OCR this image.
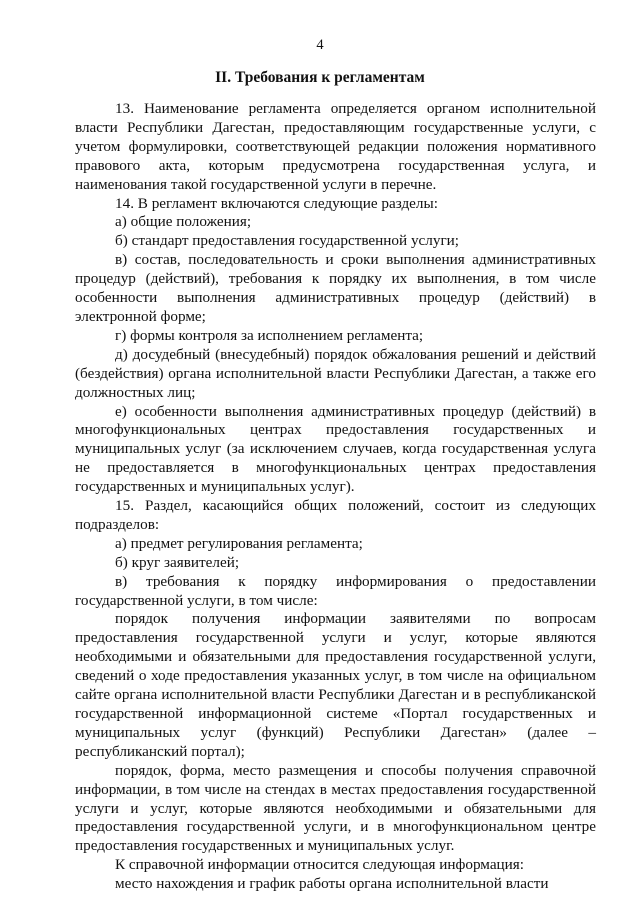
4
II. Требования к регламентам

13. Наименование регламента определяется органом исполнительной власти Республики Дагестан, предоставляющим государственные услуги, с учетом формулировки, соответствующей редакции положения нормативного правового акта, которым предусмотрена государственная услуга, и наименования такой государственной услуги в перечне.

14. В регламент включаются следующие разделы:

а) общие положения;

б) стандарт предоставления государственной услуги;

в) состав, последовательность и сроки выполнения административных процедур (действий), требования к порядку их выполнения, в том числе особенности выполнения административных процедур (действий) в электронной форме;

г) формы контроля за исполнением регламента;

д) досудебный (внесудебный) порядок обжалования решений и действий (бездействия) органа исполнительной власти Республики Дагестан, а также его должностных лиц;

е) особенности выполнения административных процедур (действий) в многофункциональных центрах предоставления государственных и муниципальных услуг (за исключением случаев, когда государственная услуга не предоставляется в многофункциональных центрах предоставления государственных и муниципальных услуг).

15. Раздел, касающийся общих положений, состоит из следующих подразделов:

а) предмет регулирования регламента;

б) круг заявителей;

в) требования к порядку информирования о предоставлении государственной услуги, в том числе:

порядок получения информации заявителями по вопросам предоставления государственной услуги и услуг, которые являются необходимыми и обязательными для предоставления государственной услуги, сведений о ходе предоставления указанных услуг, в том числе на официальном сайте органа исполнительной власти Республики Дагестан и в республиканской государственной информационной системе «Портал государственных и муниципальных услуг (функций) Республики Дагестан» (далее – республиканский портал);

порядок, форма, место размещения и способы получения справочной информации, в том числе на стендах в местах предоставления государственной услуги и услуг, которые являются необходимыми и обязательными для предоставления государственной услуги, и в многофункциональном центре предоставления государственных и муниципальных услуг.

К справочной информации относится следующая информация:

место нахождения и график работы органа исполнительной власти
